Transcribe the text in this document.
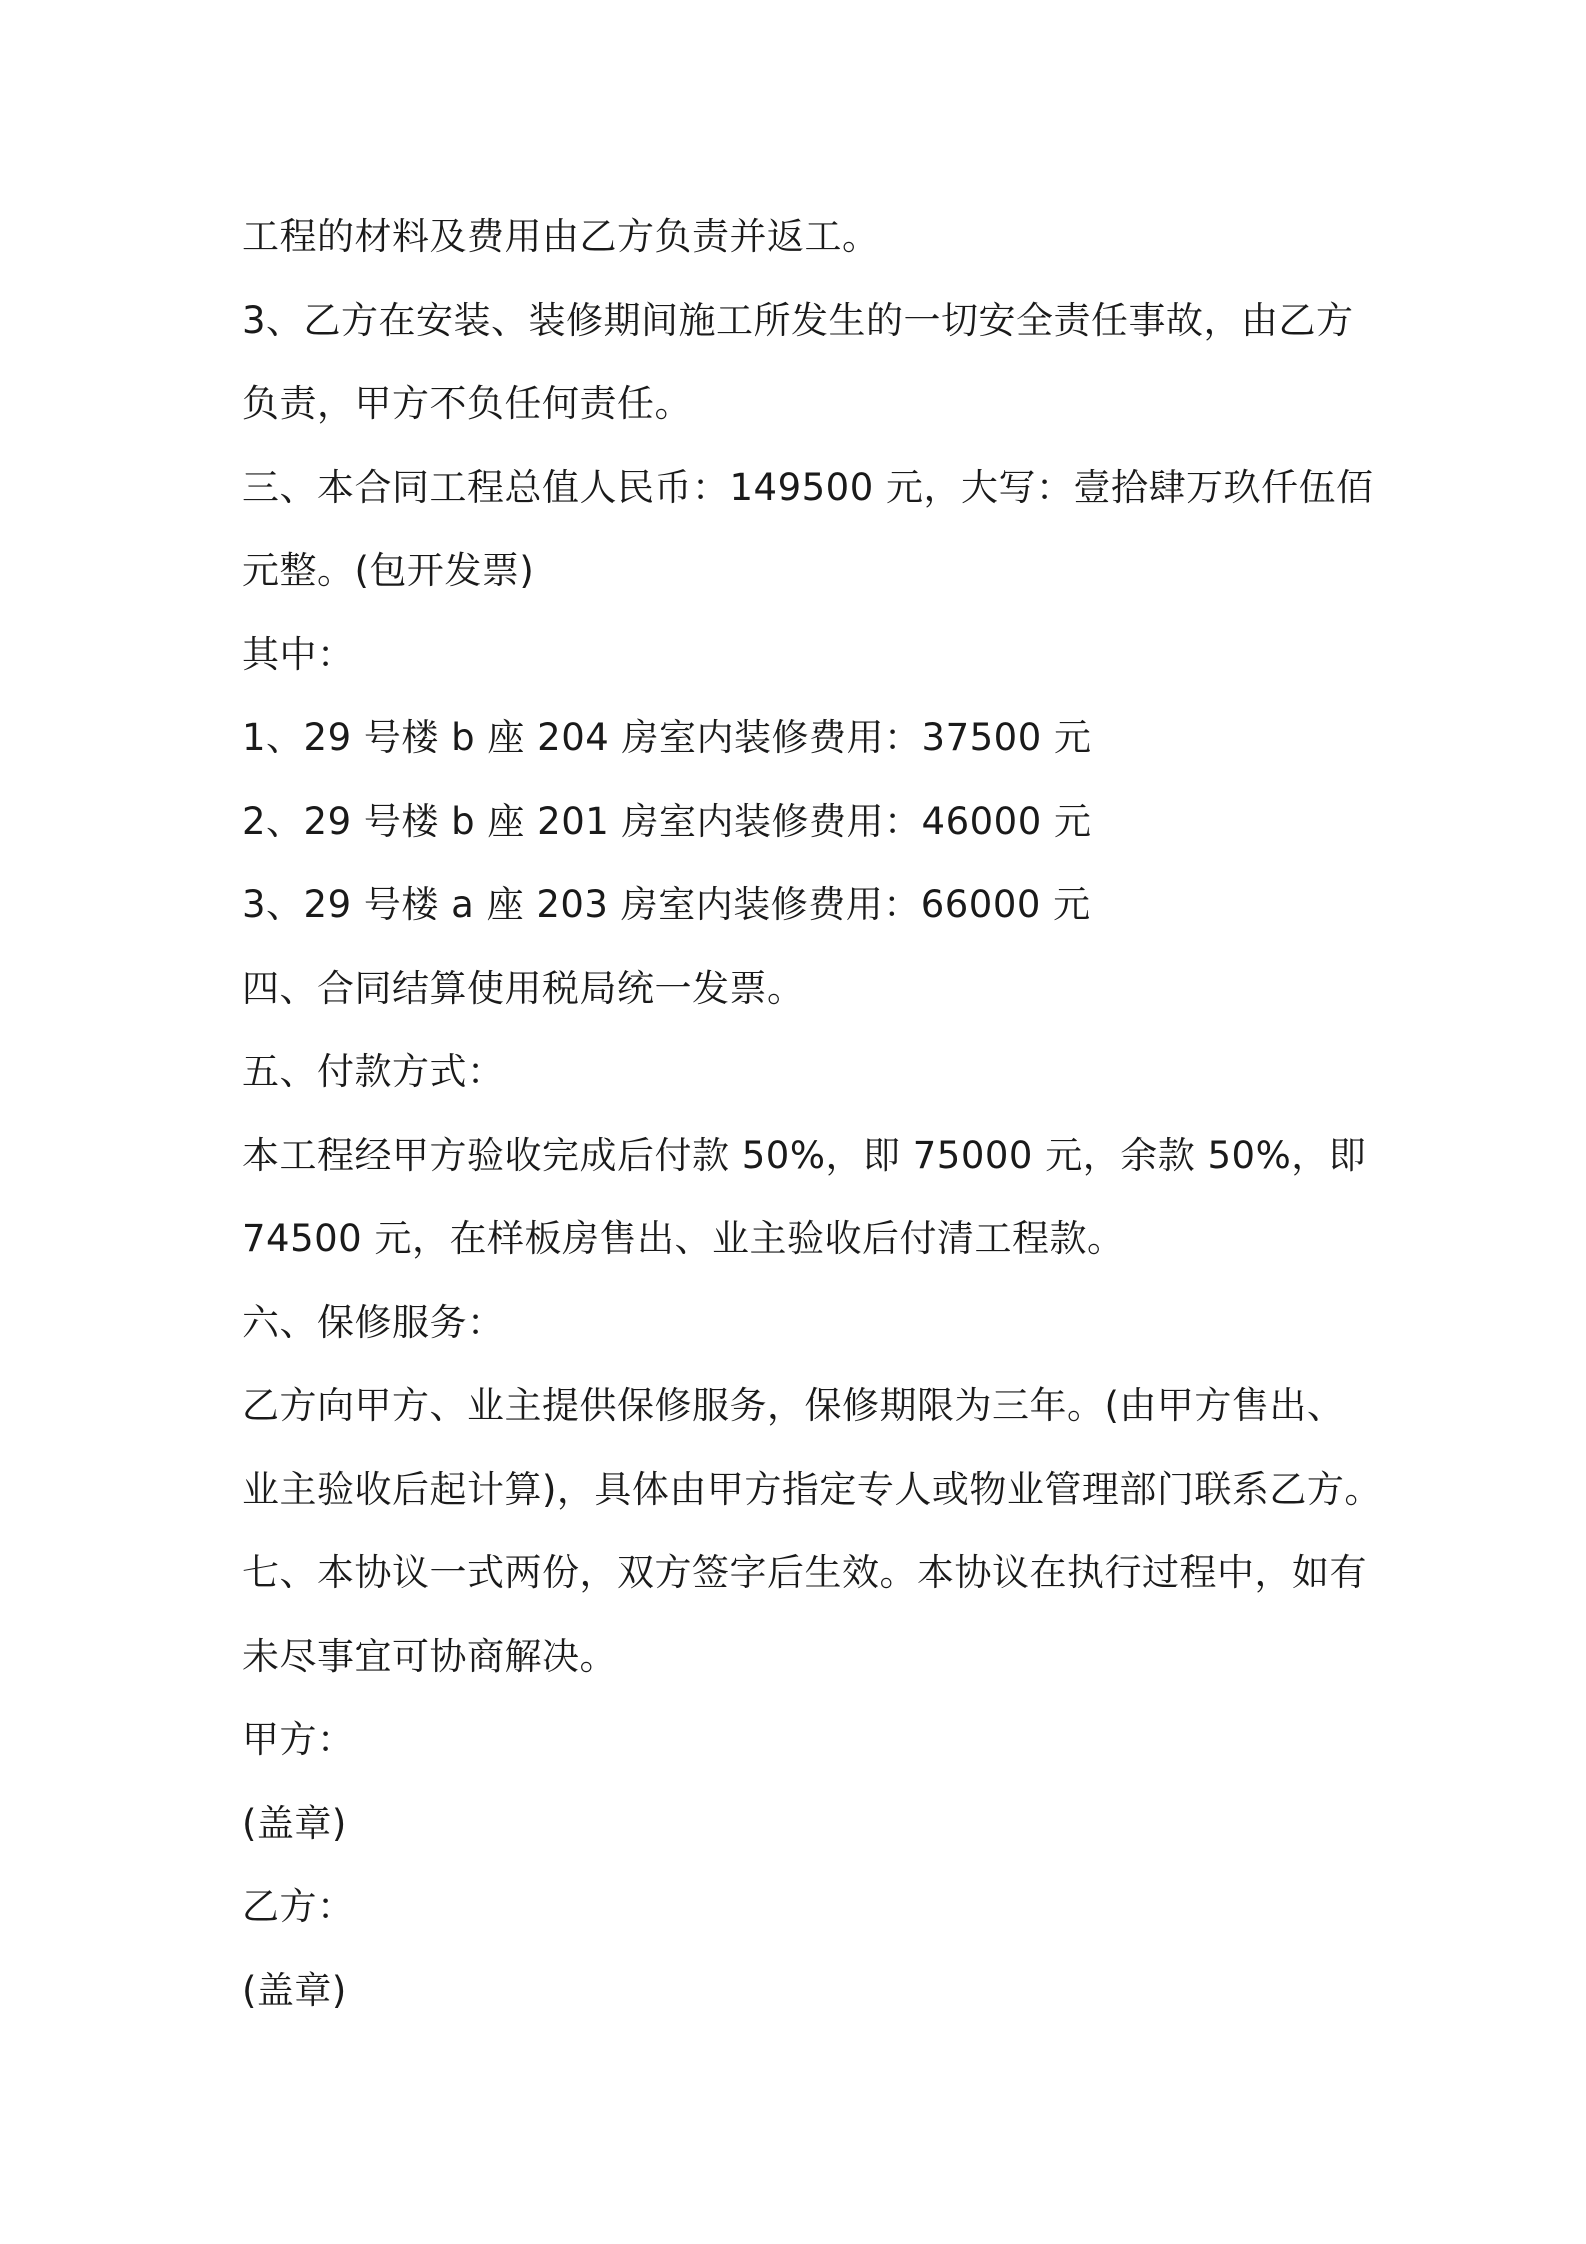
工程的材料及费用由乙方负责并返工。
3、乙方在安装、装修期间施工所发生的一切安全责任事故，由乙方
负责，甲方不负任何责任。
三、本合同工程总值人民币：149500 元，大写：壹拾肆万玖仟伍佰
元整。(包开发票)
其中：
1、29 号楼 b 座 204 房室内装修费用：37500 元
2、29 号楼 b 座 201 房室内装修费用：46000 元
3、29 号楼 a 座 203 房室内装修费用：66000 元
四、合同结算使用税局统一发票。
五、付款方式：
本工程经甲方验收完成后付款 50%，即 75000 元，余款 50%，即
74500 元，在样板房售出、业主验收后付清工程款。
六、保修服务：
乙方向甲方、业主提供保修服务，保修期限为三年。(由甲方售出、
业主验收后起计算)，具体由甲方指定专人或物业管理部门联系乙方。
七、本协议一式两份，双方签字后生效。本协议在执行过程中，如有
未尽事宜可协商解决。
甲方：
(盖章)
乙方：
(盖章)
